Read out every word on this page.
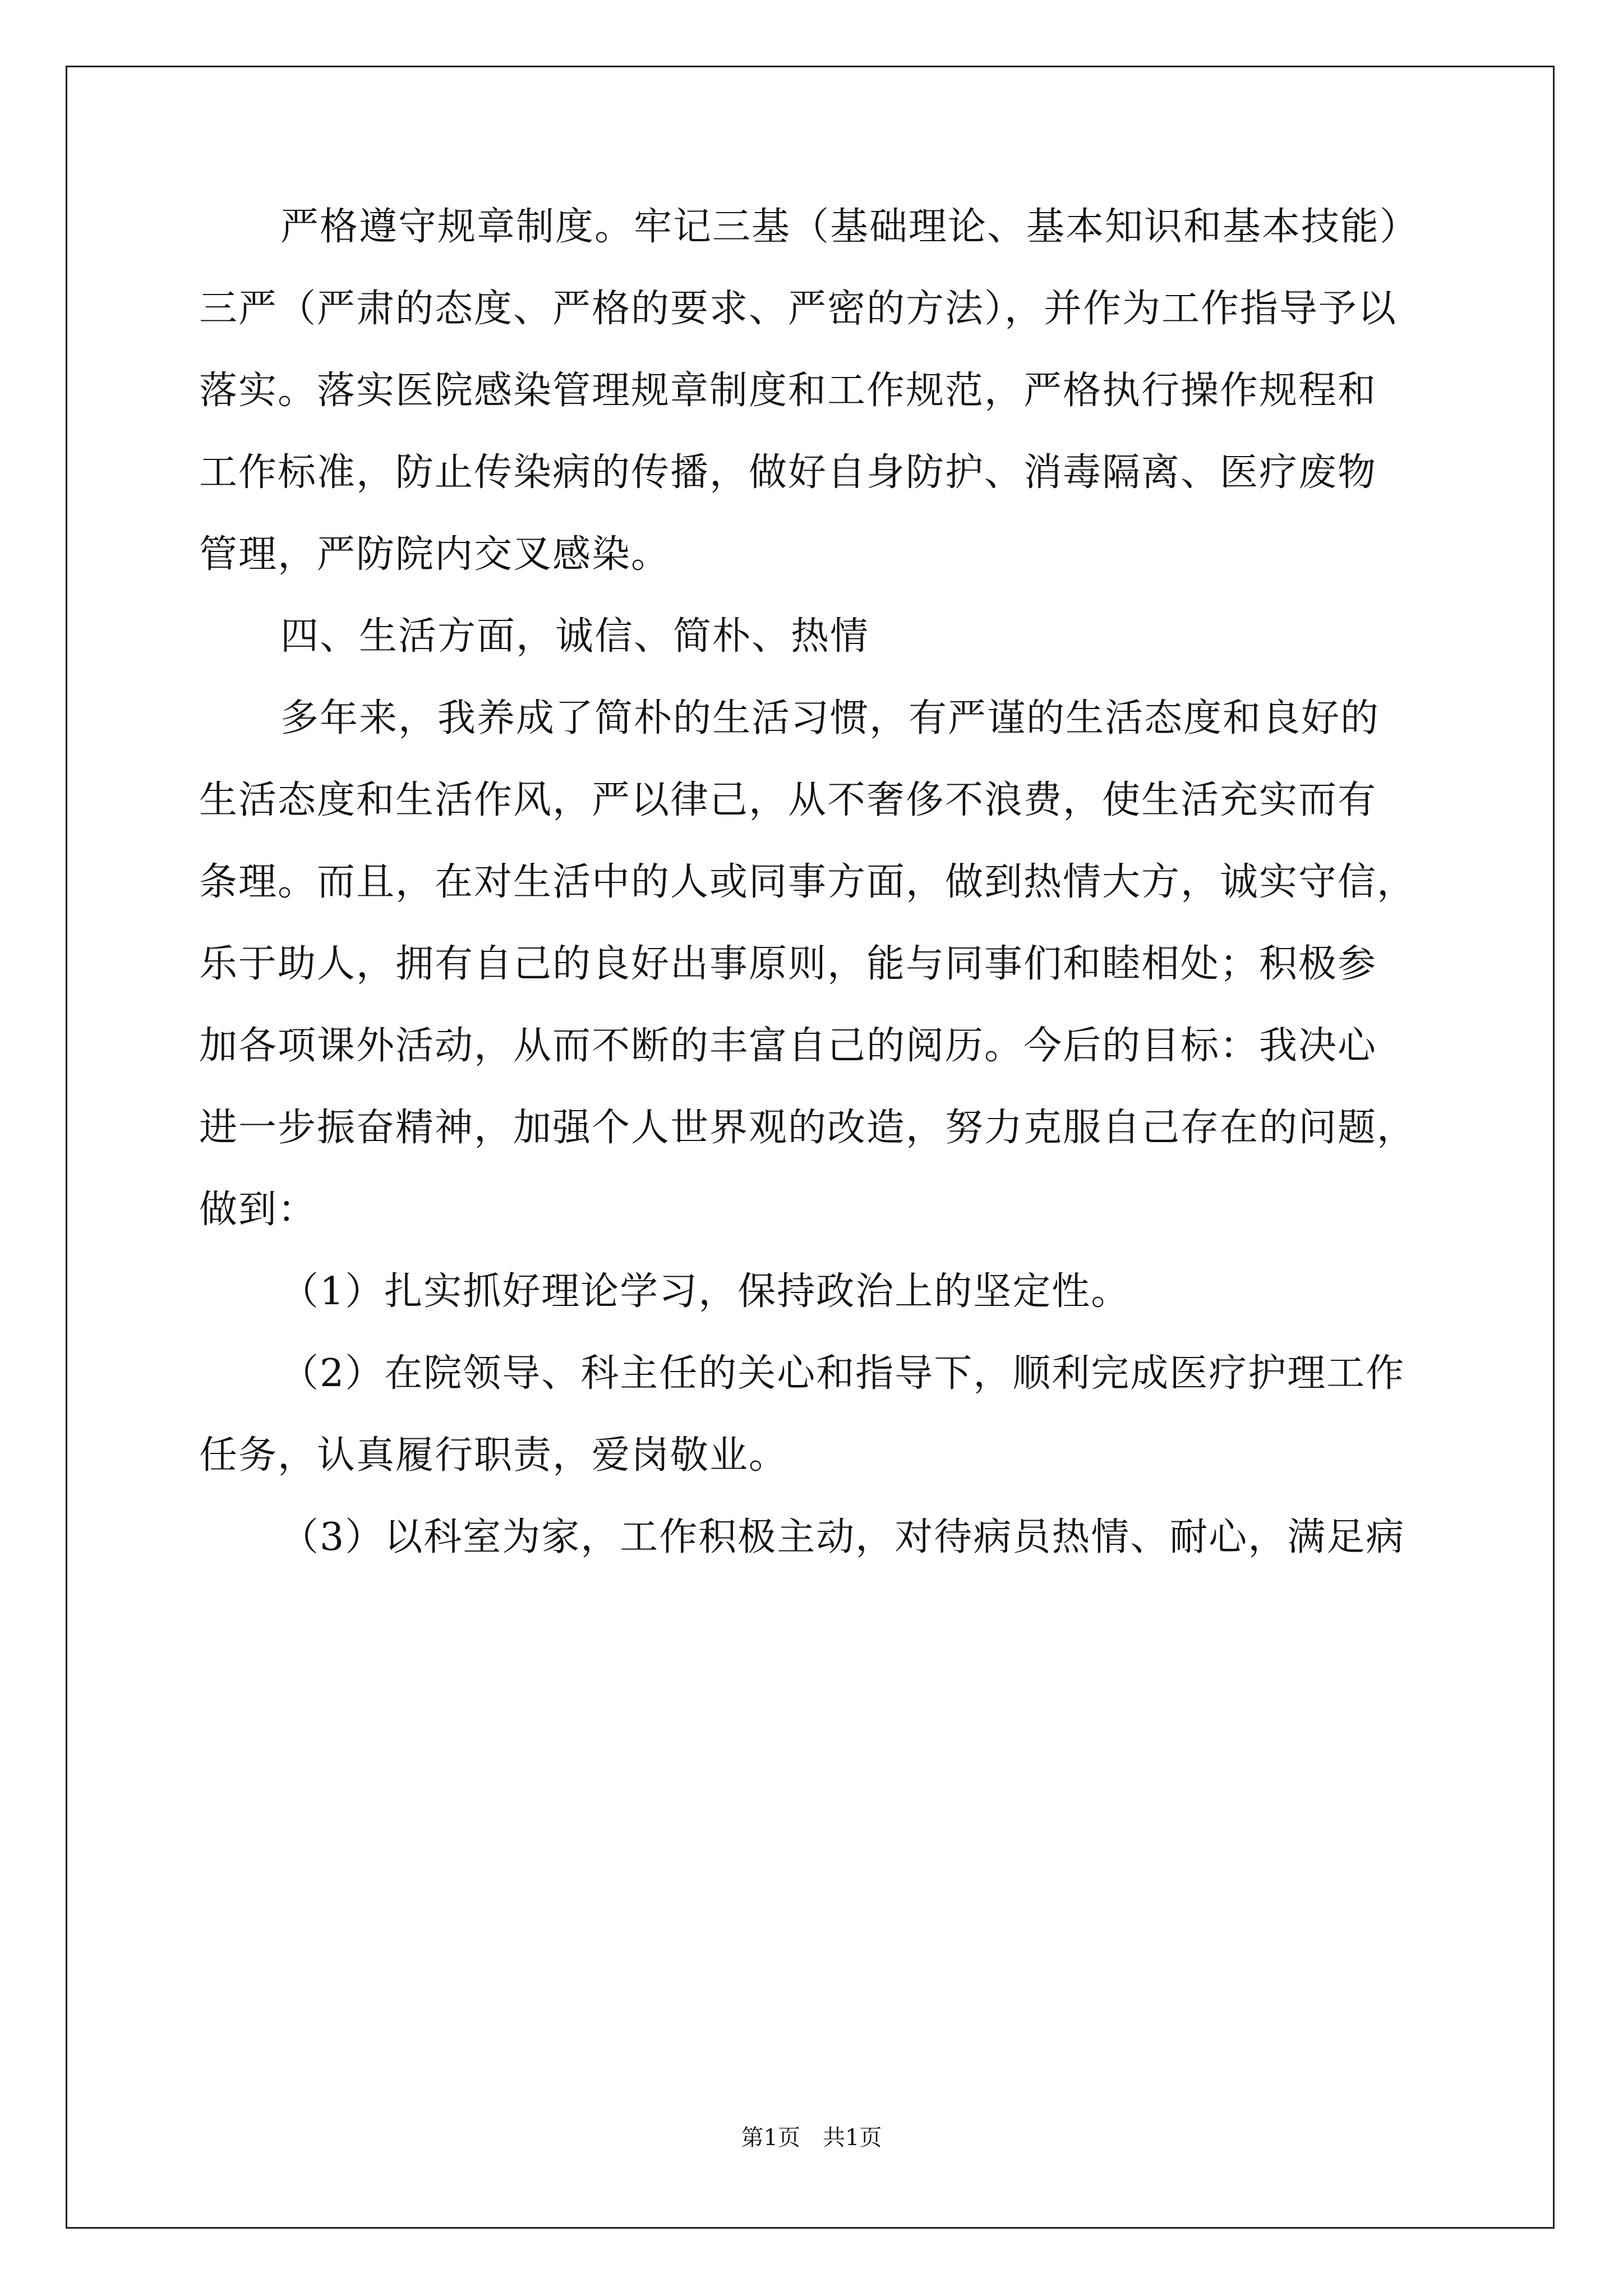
严格遵守规章制度。牢记三基（基础理论、基本知识和基本技能）
三严（严肃的态度、严格的要求、严密的方法），并作为工作指导予以
落实。落实医院感染管理规章制度和工作规范，严格执行操作规程和
工作标准，防止传染病的传播，做好自身防护、消毒隔离、医疗废物
管理，严防院内交叉感染。
四、生活方面，诚信、简朴、热情
多年来，我养成了简朴的生活习惯，有严谨的生活态度和良好的
生活态度和生活作风，严以律己，从不奢侈不浪费，使生活充实而有
条理。而且，在对生活中的人或同事方面，做到热情大方，诚实守信，
乐于助人，拥有自己的良好出事原则，能与同事们和睦相处；积极参
加各项课外活动，从而不断的丰富自己的阅历。今后的目标：我决心
进一步振奋精神，加强个人世界观的改造，努力克服自己存在的问题，
做到：
（1）扎实抓好理论学习，保持政治上的坚定性。
（2）在院领导、科主任的关心和指导下，顺利完成医疗护理工作
任务，认真履行职责，爱岗敬业。
（3）以科室为家，工作积极主动，对待病员热情、耐心，满足病
第1页　共1页
